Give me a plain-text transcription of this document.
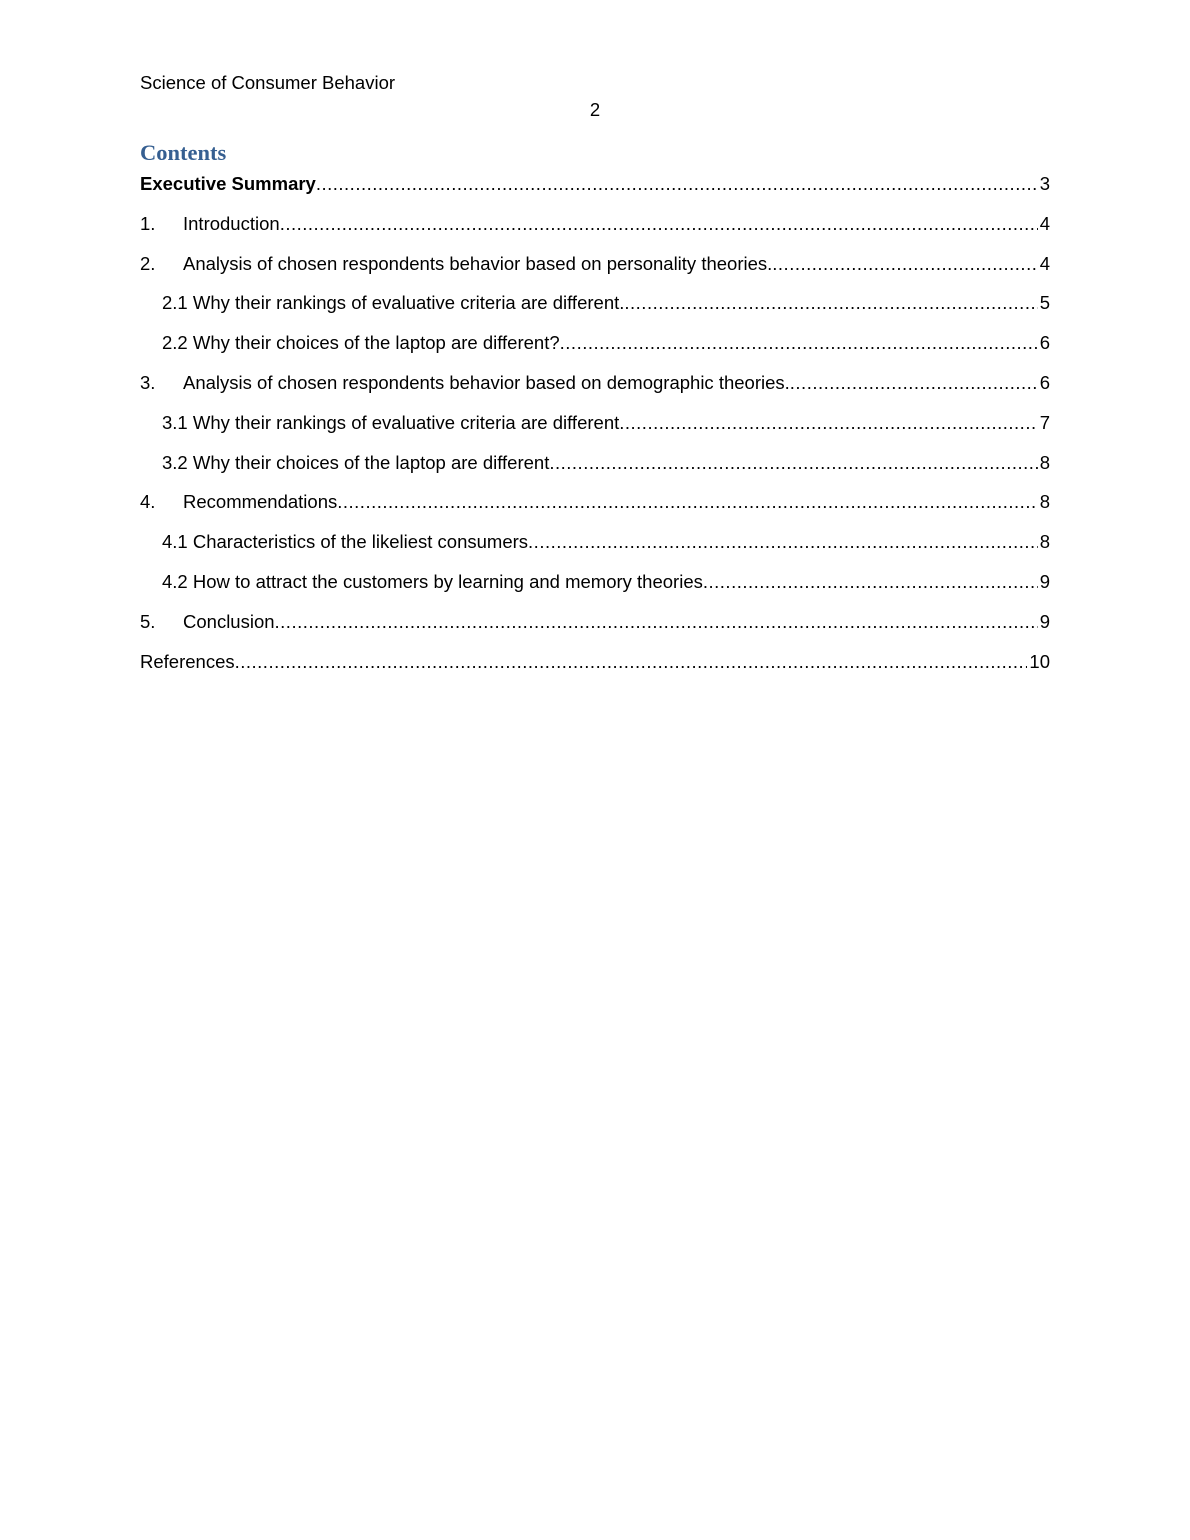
Science of Consumer Behavior
2
Contents
Executive Summary .....	3
1. Introduction .....	4
2. Analysis of chosen respondents behavior based on personality theories. .....	4
2.1 Why their rankings of evaluative criteria are different. .....	5
2.2 Why their choices of the laptop are different? .....	6
3. Analysis of chosen respondents behavior based on demographic theories. .....	6
3.1 Why their rankings of evaluative criteria are different .....	7
3.2 Why their choices of the laptop are different .....	8
4. Recommendations .....	8
4.1 Characteristics of the likeliest consumers .....	8
4.2 How to attract the customers by learning and memory theories .....	9
5. Conclusion .....	9
References .....	10
